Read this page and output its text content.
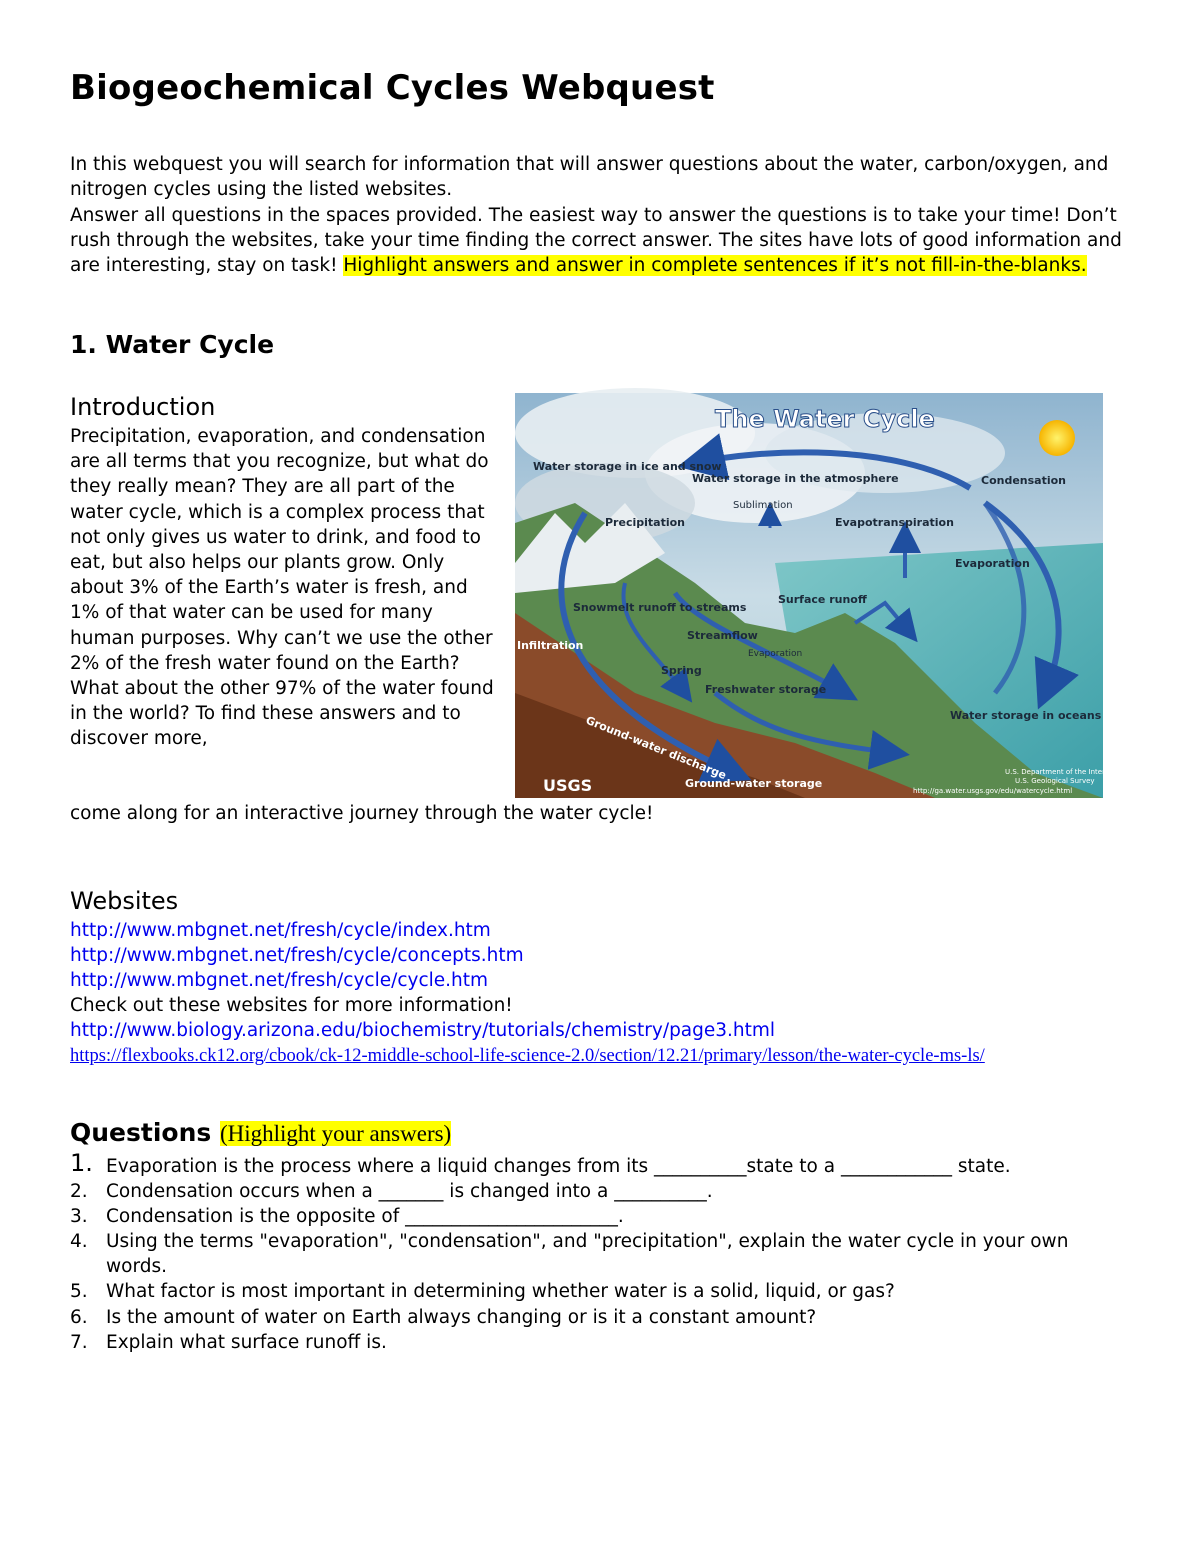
Biogeochemical Cycles Webquest

In this webquest you will search for information that will answer questions about the water, carbon/oxygen, and nitrogen cycles using the listed websites.
Answer all questions in the spaces provided. The easiest way to answer the questions is to take your time! Don’t rush through the websites, take your time finding the correct answer. The sites have lots of good information and are interesting, stay on task! Highlight answers and answer in complete sentences if it’s not fill-in-the-blanks.

1. Water Cycle
Introduction

Precipitation, evaporation, and condensation are all terms that you recognize, but what do they really mean? They are all part of the water cycle, which is a complex process that not only gives us water to drink, and food to eat, but also helps our plants grow. Only about 3% of the Earth’s water is fresh, and 1% of that water can be used for many human purposes. Why can’t we use the other 2% of the fresh water found on the Earth? What about the other 97% of the water found in the world? To find these answers and to discover more,

come along for an interactive journey through the water cycle!

The Water Cycle
Water storage in ice and snow
Water storage in the atmosphere	Condensation
Sublimation
Precipitation	Evapotranspiration
Evaporation
Surface runoff
Snowmelt runoff to streams
Streamflow
Infiltration
Evaporation
Spring
Freshwater storage
Water storage in oceans
Ground-water discharge
Ground-water storage
USGS
U.S. Department of the Interior
U.S. Geological Survey
http://ga.water.usgs.gov/edu/watercycle.html
Websites
http://www.mbgnet.net/fresh/cycle/index.htm
http://www.mbgnet.net/fresh/cycle/concepts.htm
http://www.mbgnet.net/fresh/cycle/cycle.htm
Check out these websites for more information!
http://www.biology.arizona.edu/biochemistry/tutorials/chemistry/page3.html
https://flexbooks.ck12.org/cbook/ck-12-middle-school-life-science-2.0/section/12.21/primary/lesson/the-water-cycle-ms-ls/
Questions (Highlight your answers)
1. Evaporation is the process where a liquid changes from its __________state to a ____________ state.
2. Condensation occurs when a _______ is changed into a __________.
3. Condensation is the opposite of _______________________.
4. Using the terms "evaporation", "condensation", and "precipitation", explain the water cycle in your own words.
5. What factor is most important in determining whether water is a solid, liquid, or gas?
6. Is the amount of water on Earth always changing or is it a constant amount?
7. Explain what surface runoff is.
